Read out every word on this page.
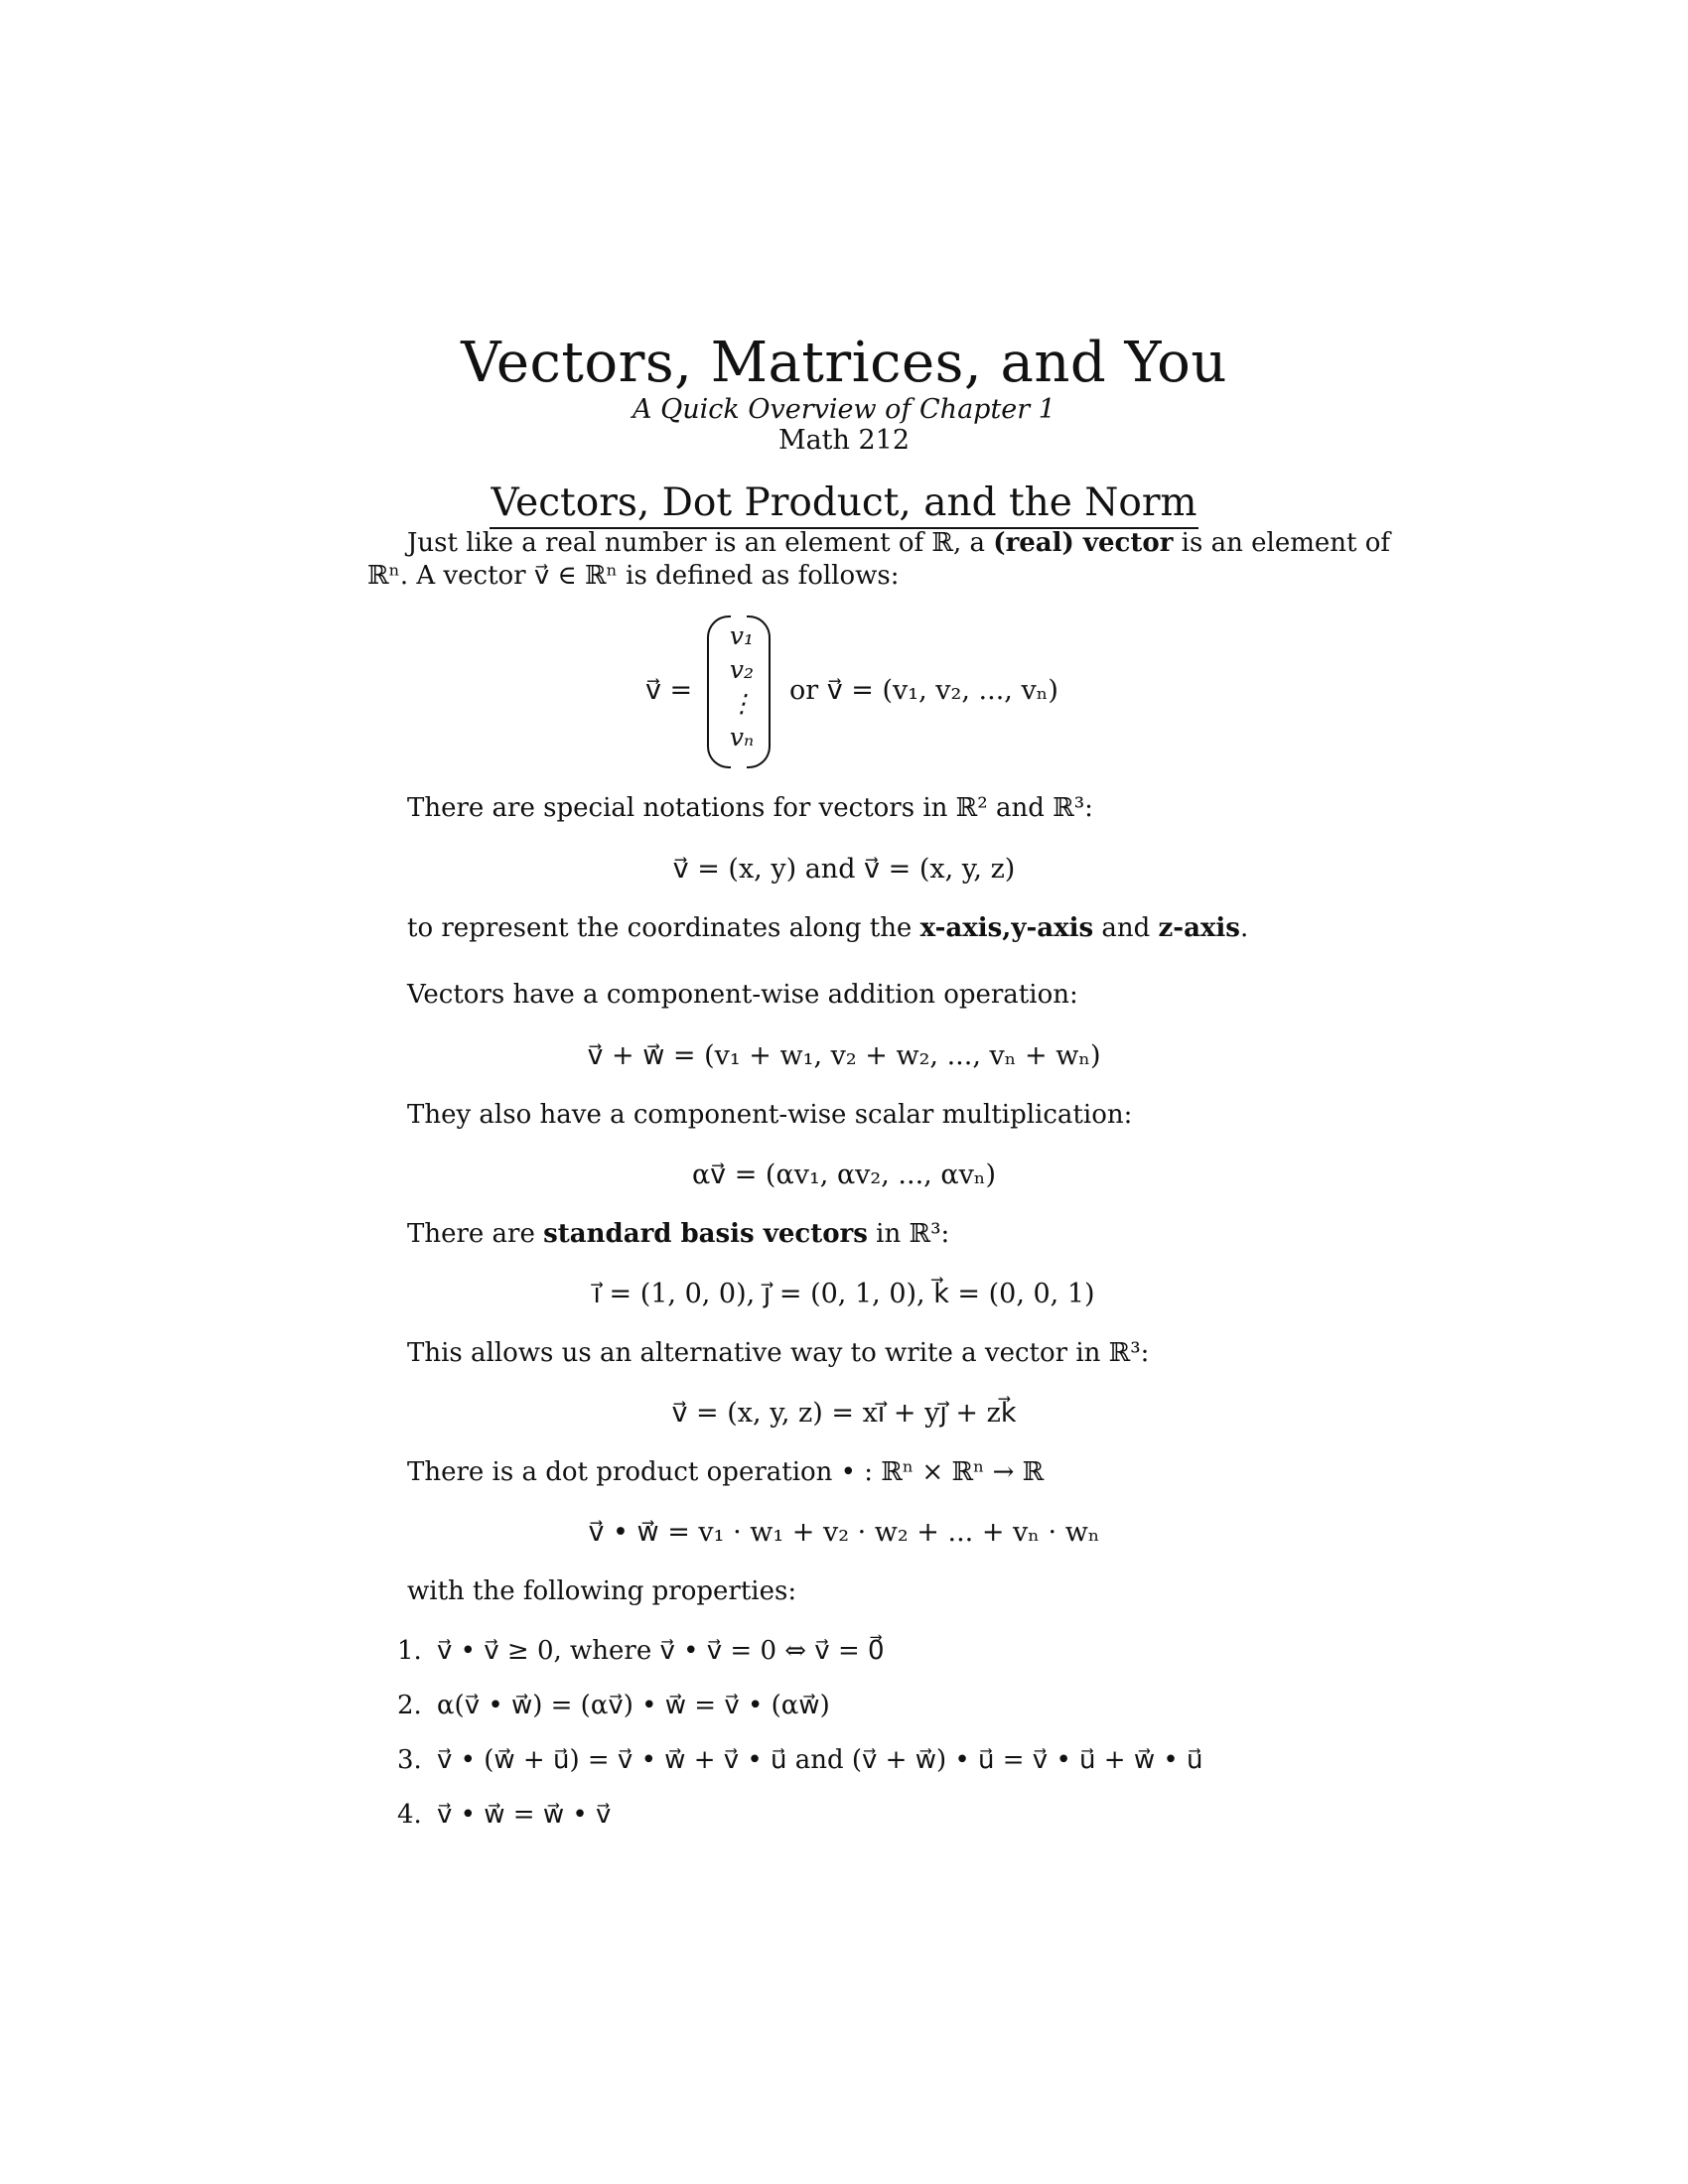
Vectors, Matrices, and You
A Quick Overview of Chapter 1
Math 212
Vectors, Dot Product, and the Norm
Just like a real number is an element of ℝ, a (real) vector is an element of
ℝⁿ. A vector v⃗ ∈ ℝⁿ is defined as follows:
v⃗ =
v₁
v₂
⋮
vₙ
or v⃗ = (v₁, v₂, ..., vₙ)
There are special notations for vectors in ℝ² and ℝ³:
v⃗ = (x, y) and v⃗ = (x, y, z)
to represent the coordinates along the x-axis,y-axis and z-axis.
Vectors have a component-wise addition operation:
v⃗ + w⃗ = (v₁ + w₁, v₂ + w₂, ..., vₙ + wₙ)
They also have a component-wise scalar multiplication:
αv⃗ = (αv₁, αv₂, ..., αvₙ)
There are standard basis vectors in ℝ³:
i⃗ = (1, 0, 0), j⃗ = (0, 1, 0), k⃗ = (0, 0, 1)
This allows us an alternative way to write a vector in ℝ³:
v⃗ = (x, y, z) = xi⃗ + yj⃗ + zk⃗
There is a dot product operation • : ℝⁿ × ℝⁿ → ℝ
v⃗ • w⃗ = v₁ · w₁ + v₂ · w₂ + ... + vₙ · wₙ
with the following properties:
1. v⃗ • v⃗ ≥ 0, where v⃗ • v⃗ = 0 ⇔ v⃗ = 0⃗
2. α(v⃗ • w⃗) = (αv⃗) • w⃗ = v⃗ • (αw⃗)
3. v⃗ • (w⃗ + u⃗) = v⃗ • w⃗ + v⃗ • u⃗ and (v⃗ + w⃗) • u⃗ = v⃗ • u⃗ + w⃗ • u⃗
4. v⃗ • w⃗ = w⃗ • v⃗
